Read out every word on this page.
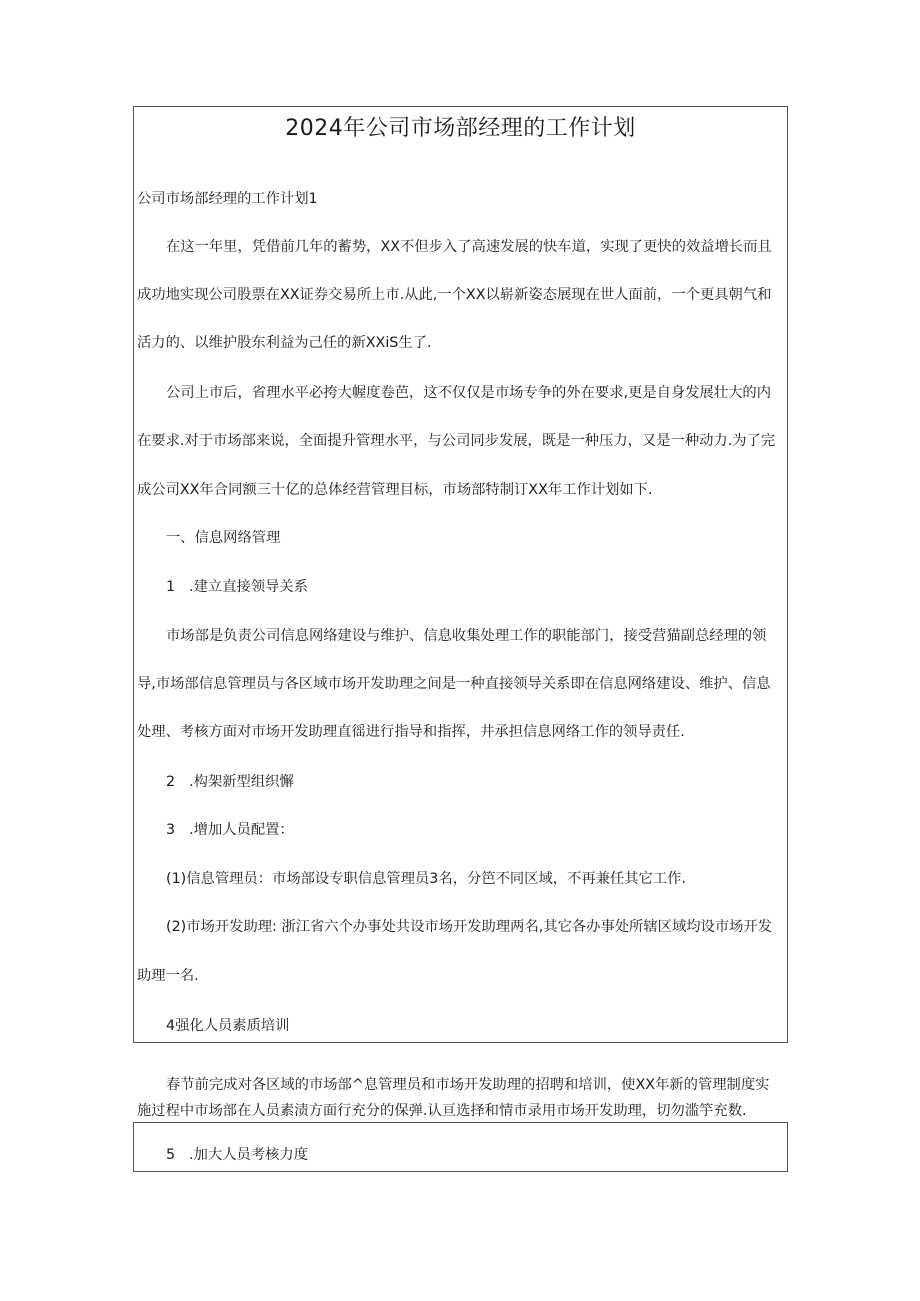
2024年公司市场部经理的工作计划
公司市场部经理的工作计划1
在这一年里，凭借前几年的蓄势，XX不但步入了高速发展的快车道，实现了更快的效益增长而且
成功地实现公司股票在XX证券交易所上市.从此,一个XX以崭新姿态展现在世人面前，一个更具朝气和
活力的、以维护股东利益为己任的新XXiS生了.
公司上市后，省理水平必挎大幄度卷芭，这不仅仅是市场专争的外在要求,更是自身发展壮大的内
在要求.对于市场部来说，全面提升管理水平，与公司同步发展，既是一种压力，又是一种动力.为了完
成公司XX年合同额三十亿的总体经营管理目标，市场部特制订XX年工作计划如下.
一、信息网络管理
1 .建立直接领导关系
市场部是负责公司信息网络建设与维护、信息收集处理工作的职能部门，接受营猫副总经理的领
导,市场部信息管理员与各区域市场开发助理之间是一种直接领导关系即在信息网络建设、维护、信息
处理、考核方面对市场开发助理直徭进行指导和指挥，井承担信息网络工作的领导责任.
2 .构架新型组织懈
3 .增加人员配置：
(1)信息管理员：市场部设专职信息管理员3名，分笆不同区域，不再兼任其它工作.
(2)市场开发助理: 浙江省六个办事处共设市场开发助理两名,其它各办事处所辖区域均设市场开发
助理一名.
4强化人员素质培训
春节前完成对各区域的市场部^息管理员和市场开发助理的招聘和培训，使XX年新的管理制度实
施过程中市场部在人员素渍方面行充分的保弹.认亘选择和情市录用市场开发助理，切勿滥竽充数.
5 .加大人员考核力度
